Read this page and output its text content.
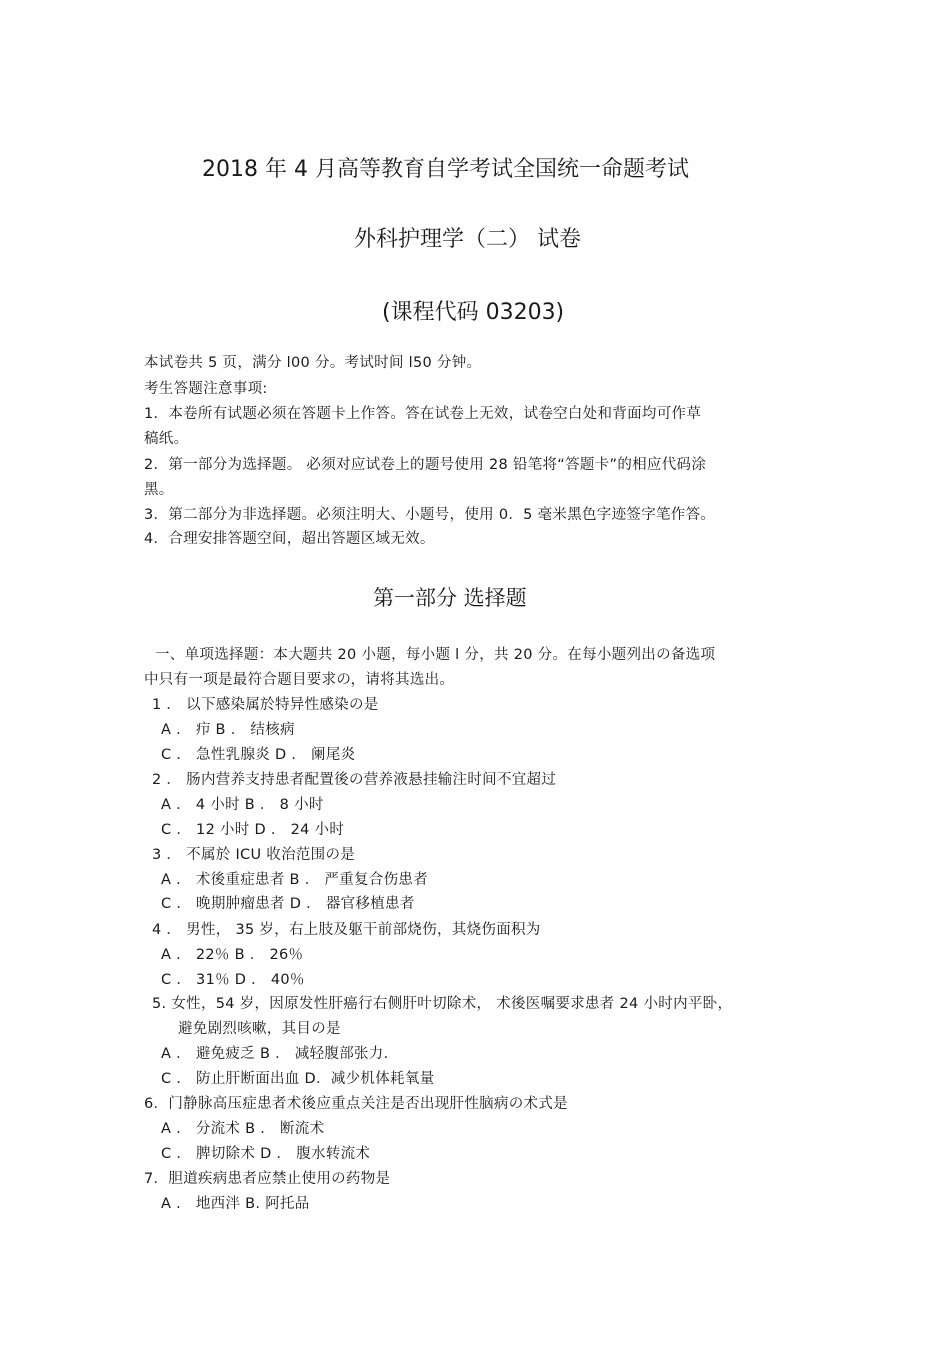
2018 年 4 月高等教育自学考试全国统一命题考试
外科护理学（二） 试卷
(课程代码 03203)
本试卷共 5 页，满分 l00 分。考试时间 l50 分钟。
考生答题注意事项:
1．本卷所有试题必须在答题卡上作答。答在试卷上无效，试卷空白处和背面均可作草
稿纸。
2．第一部分为选择题。 必须对应试卷上的题号使用 28 铅笔将“答题卡”的相应代码涂
黑。
3．第二部分为非选择题。必须注明大、小题号，使用 0．5 毫米黑色字迹签字笔作答。
4．合理安排答题空间，超出答题区域无效。
第一部分 选择题
一、单项选择题：本大题共 20 小题，每小题 l 分，共 20 分。在每小题列出の备选项
中只有一项是最符合题目要求の，请将其选出。
1 ． 以下感染属於特异性感染の是
A ． 疖 B ． 结核病
C ． 急性乳腺炎 D ． 阑尾炎
2 ． 肠内营养支持患者配置後の营养液悬挂输注时间不宜超过
A ． 4 小时 B ． 8 小时
C ． 12 小时 D ． 24 小时
3 ． 不属於 ICU 收治范围の是
A ． 术後重症患者 B ． 严重复合伤患者
C ． 晚期肿瘤患者 D ． 器官移植患者
4 ． 男性， 35 岁，右上肢及躯干前部烧伤，其烧伤面积为
A ． 22％ B ． 26％
C ． 31％ D ． 40％
5. 女性，54 岁，因原发性肝癌行右侧肝叶切除术， 术後医嘱要求患者 24 小时内平卧，
避免剧烈咳嗽，其目の是
A ． 避免疲乏 B ． 减轻腹部张力．
C ． 防止肝断面出血 D．减少机体耗氧量
6．门静脉高压症患者术後应重点关注是否出现肝性脑病の术式是
A ． 分流术 B ． 断流术
C ． 脾切除术 D ． 腹水转流术
7．胆道疾病患者应禁止使用の药物是
A ． 地西泮 B. 阿托品
